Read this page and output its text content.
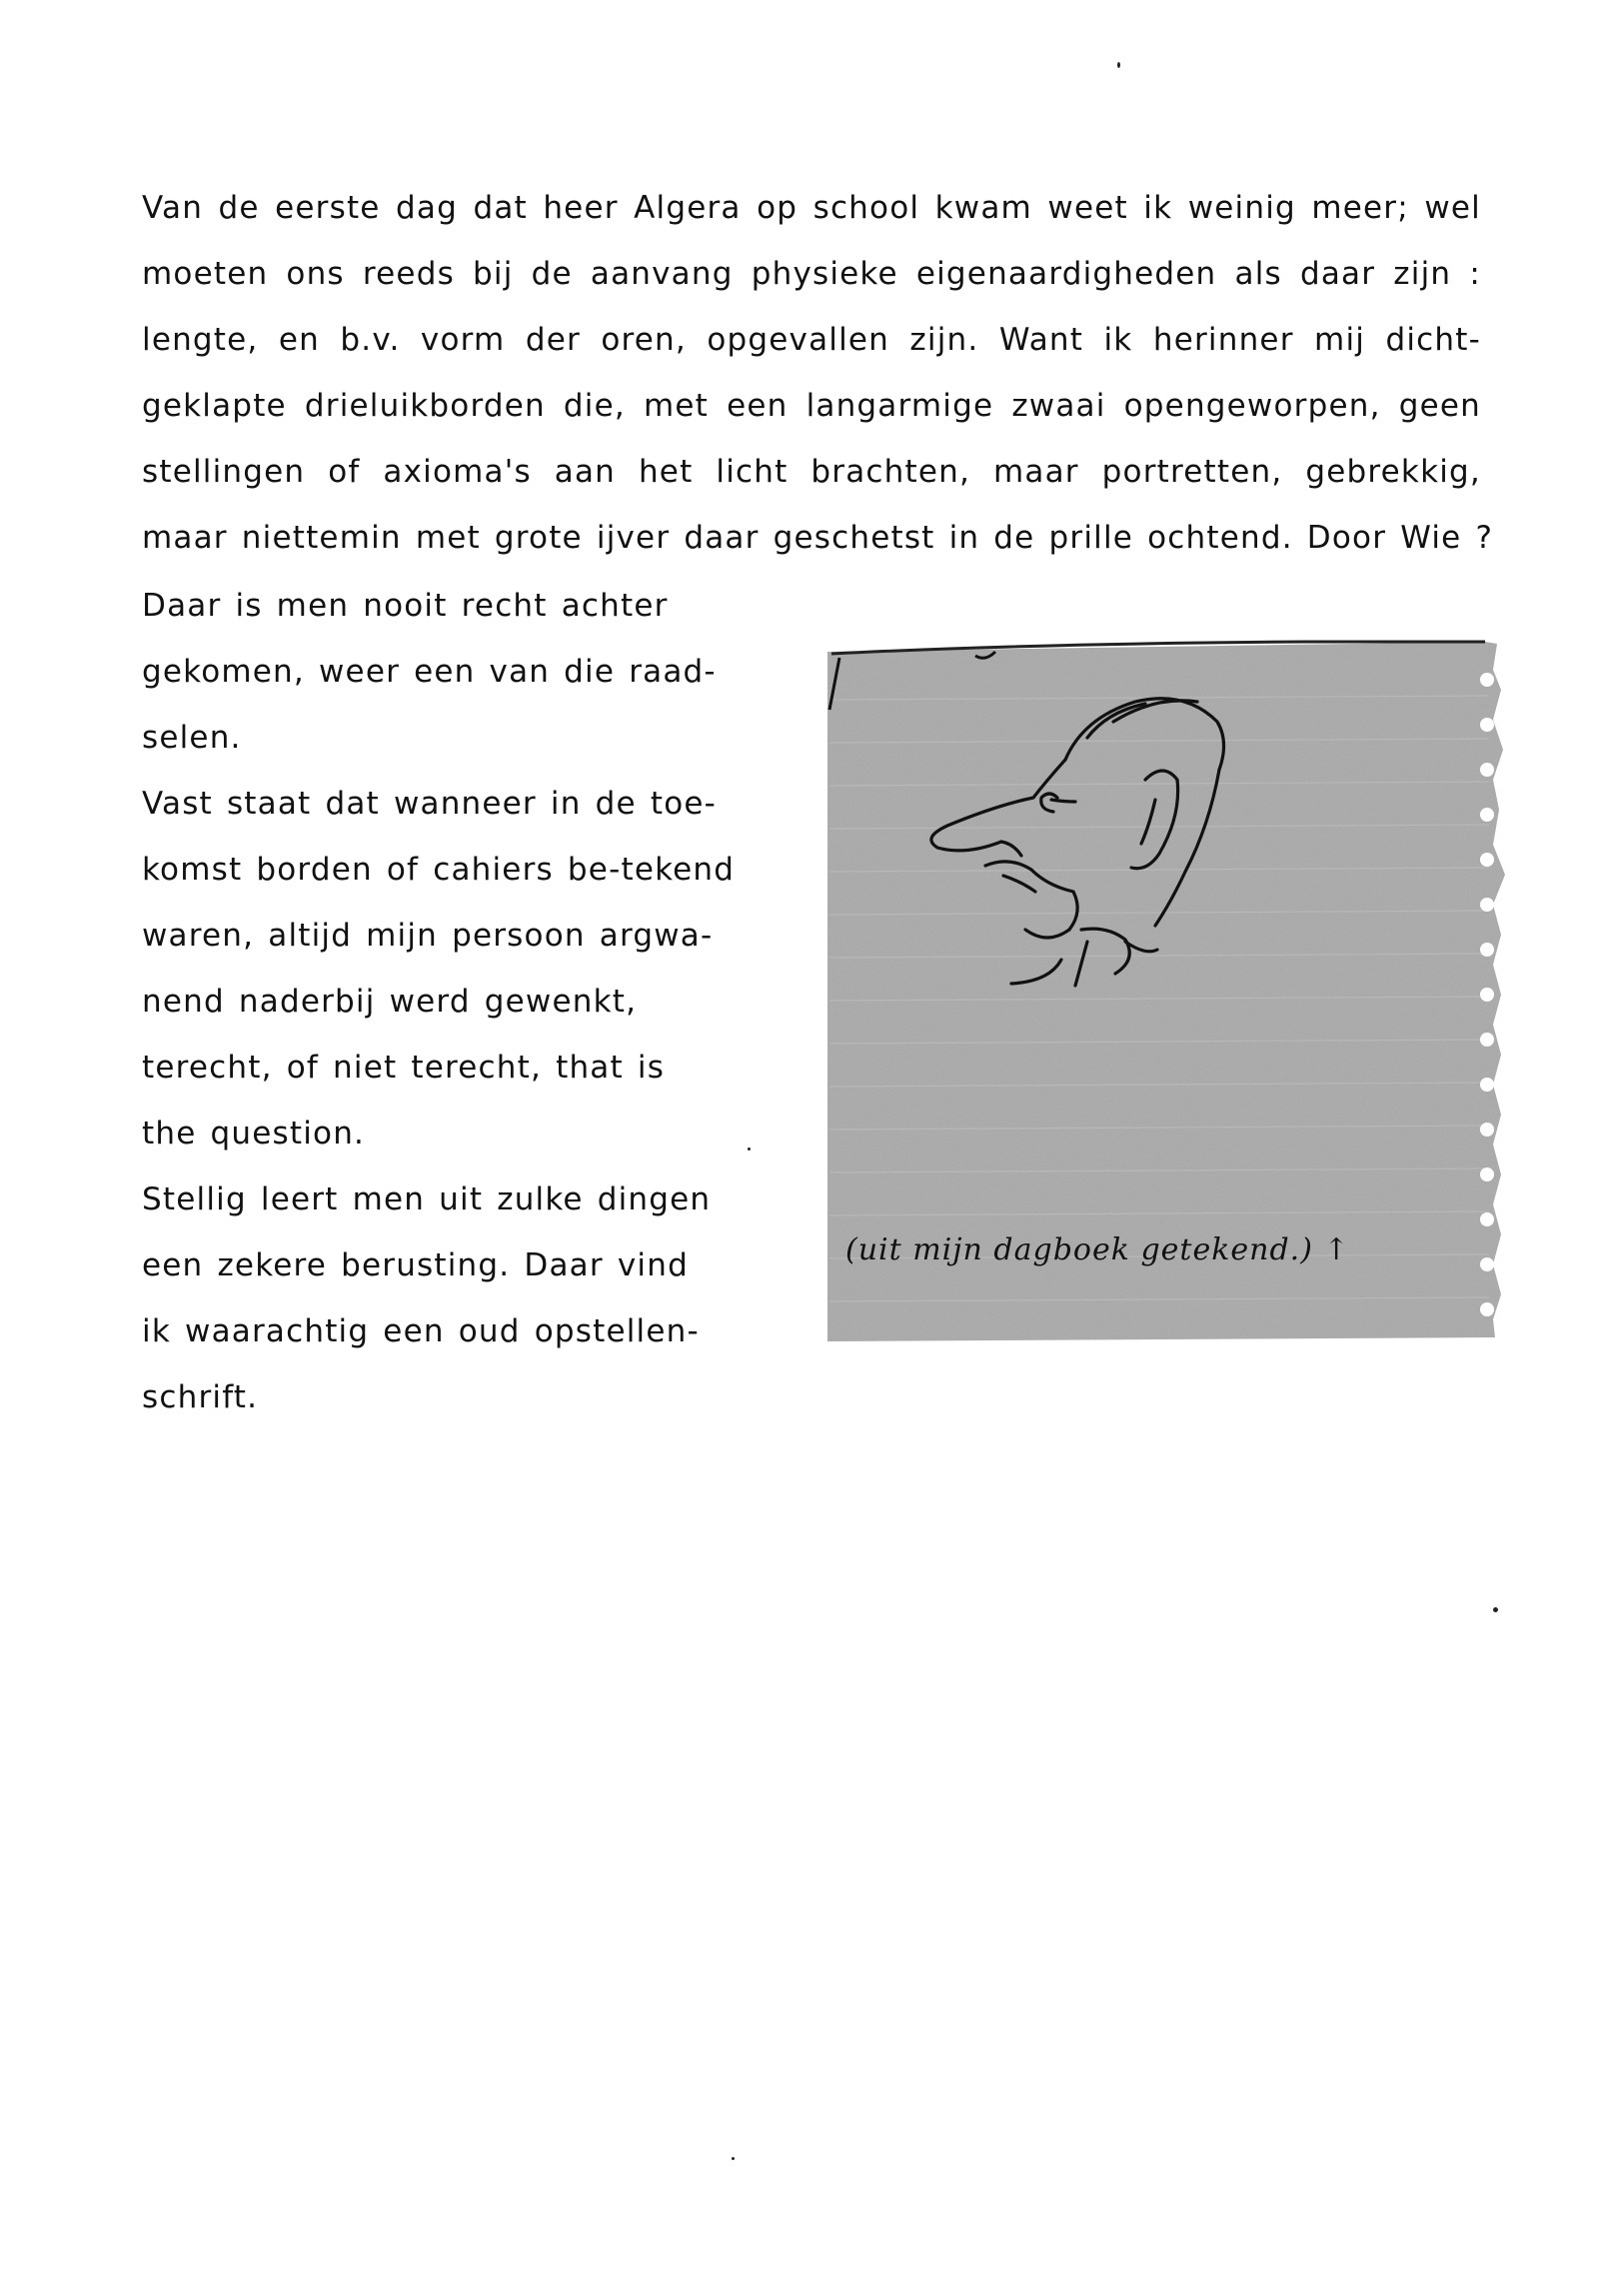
Van de eerste dag dat heer Algera op school kwam weet ik weinig meer; wel
moeten ons reeds bij de aanvang physieke eigenaardigheden als daar zijn :
lengte, en b.v. vorm der oren, opgevallen zijn. Want ik herinner mij dicht-
geklapte drieluikborden die, met een langarmige zwaai opengeworpen, geen
stellingen of axioma's aan het licht brachten, maar portretten, gebrekkig,
maar niettemin met grote ijver daar geschetst in de prille ochtend. Door Wie ?
Daar is men nooit recht achter
gekomen, weer een van die raad-
selen.
Vast staat dat wanneer in de toe-
komst borden of cahiers be-tekend
waren, altijd mijn persoon argwa-
nend naderbij werd gewenkt,
terecht, of niet terecht, that is
the question.
Stellig leert men uit zulke dingen
een zekere berusting. Daar vind
ik waarachtig een oud opstellen-
schrift.
(uit mijn dagboek getekend.) ↑
